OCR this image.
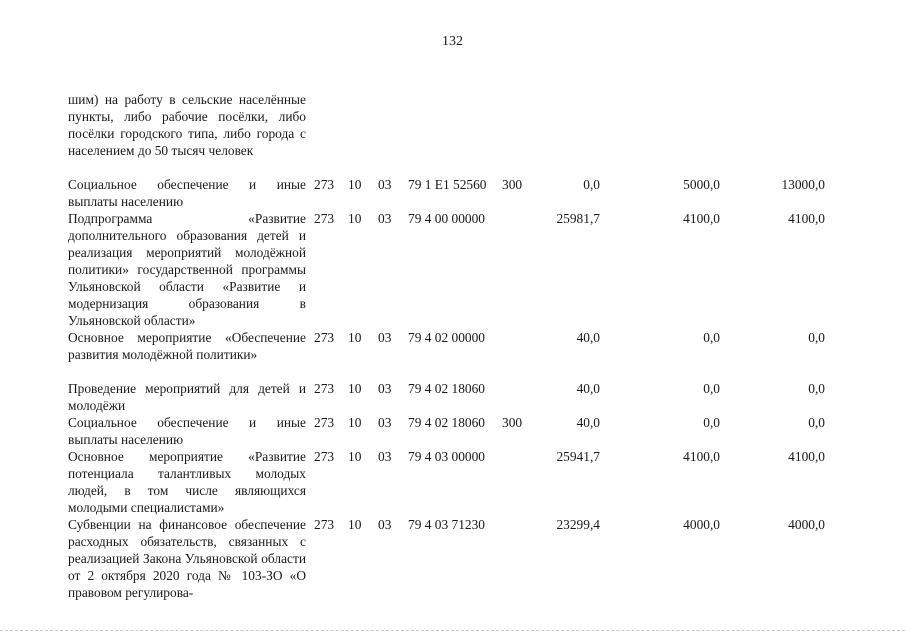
132
шим) на работу в сельские населённые пункты, либо рабочие посёлки, либо посёлки городского типа, либо города с населением до 50 тысяч человек
Социальное обеспечение и иные выплаты населению
273 10 03 79 1 E1 52560 300	0,0	5000,0	13000,0
Подпрограмма «Развитие дополнительного образования детей и реализация мероприятий молодёжной политики» государственной программы Ульяновской области «Развитие и модернизация образования в Ульяновской области»
273 10 03 79 4 00 00000	25981,7	4100,0	4100,0
Основное мероприятие «Обеспечение развития молодёжной политики»
273 10 03 79 4 02 00000	40,0	0,0	0,0
Проведение мероприятий для детей и молодёжи
273 10 03 79 4 02 18060	40,0	0,0	0,0
Социальное обеспечение и иные выплаты населению
273 10 03 79 4 02 18060 300	40,0	0,0	0,0
Основное мероприятие «Развитие потенциала талантливых молодых людей, в том числе являющихся молодыми специалистами»
273 10 03 79 4 03 00000	25941,7	4100,0	4100,0
Субвенции на финансовое обеспечение расходных обязательств, связанных с реализацией Закона Ульяновской области от 2 октября 2020 года № 103-ЗО «О правовом регулирова-
273 10 03 79 4 03 71230	23299,4	4000,0	4000,0
